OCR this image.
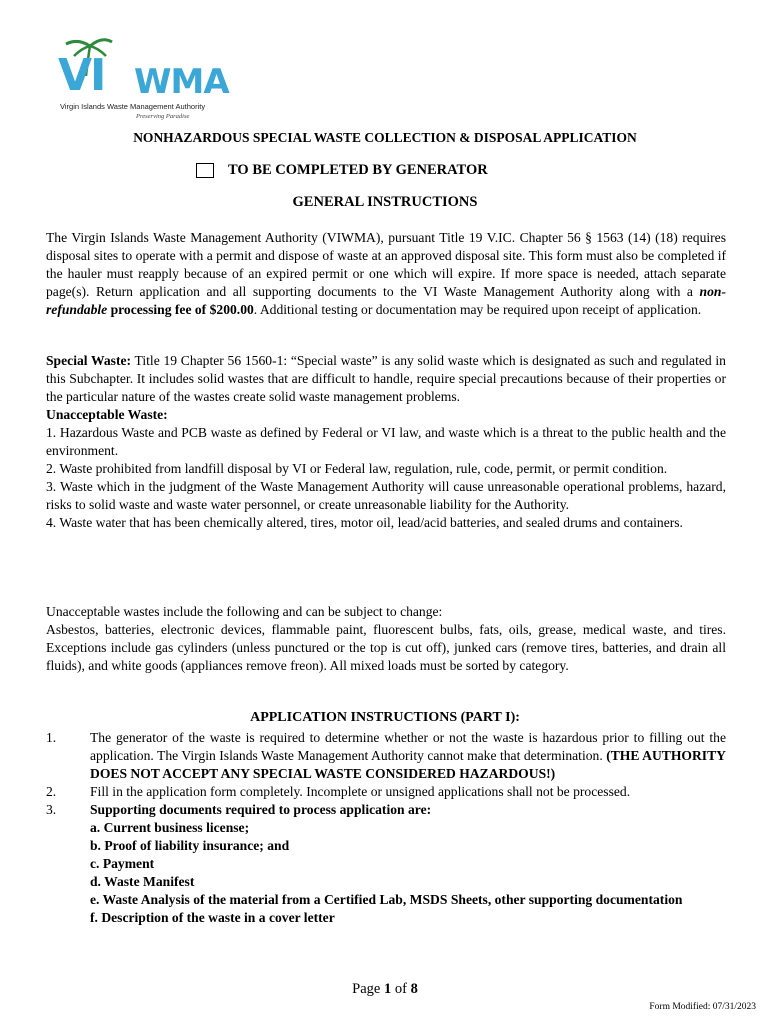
VI WMA
Virgin Islands Waste Management Authority
Preserving Paradise
NONHAZARDOUS SPECIAL WASTE COLLECTION & DISPOSAL APPLICATION
TO BE COMPLETED BY GENERATOR
GENERAL INSTRUCTIONS

The Virgin Islands Waste Management Authority (VIWMA), pursuant Title 19 V.IC. Chapter 56 § 1563 (14) (18) requires disposal sites to operate with a permit and dispose of waste at an approved disposal site. This form must also be completed if the hauler must reapply because of an expired permit or one which will expire. If more space is needed, attach separate page(s). Return application and all supporting documents to the VI Waste Management Authority along with a non-refundable processing fee of $200.00. Additional testing or documentation may be required upon receipt of application.

Special Waste: Title 19 Chapter 56 1560-1: “Special waste” is any solid waste which is designated as such and regulated in this Subchapter. It includes solid wastes that are difficult to handle, require special precautions because of their properties or the particular nature of the wastes create solid waste management problems.

Unacceptable Waste:

1. Hazardous Waste and PCB waste as defined by Federal or VI law, and waste which is a threat to the public health and the environment.

2. Waste prohibited from landfill disposal by VI or Federal law, regulation, rule, code, permit, or permit condition.

3. Waste which in the judgment of the Waste Management Authority will cause unreasonable operational problems, hazard, risks to solid waste and waste water personnel, or create unreasonable liability for the Authority.

4. Waste water that has been chemically altered, tires, motor oil, lead/acid batteries, and sealed drums and containers.

Unacceptable wastes include the following and can be subject to change:

Asbestos, batteries, electronic devices, flammable paint, fluorescent bulbs, fats, oils, grease, medical waste, and tires. Exceptions include gas cylinders (unless punctured or the top is cut off), junked cars (remove tires, batteries, and drain all fluids), and white goods (appliances remove freon). All mixed loads must be sorted by category.

APPLICATION INSTRUCTIONS (PART I):
1.	The generator of the waste is required to determine whether or not the waste is hazardous prior to filling out the application. The Virgin Islands Waste Management Authority cannot make that determination. (THE AUTHORITY DOES NOT ACCEPT ANY SPECIAL WASTE CONSIDERED HAZARDOUS!)
2.	Fill in the application form completely. Incomplete or unsigned applications shall not be processed.
3.	Supporting documents required to process application are:
a. Current business license;
b. Proof of liability insurance; and
c. Payment
d. Waste Manifest
e. Waste Analysis of the material from a Certified Lab, MSDS Sheets, other supporting documentation
f. Description of the waste in a cover letter
Page 1 of 8
Form Modified: 07/31/2023
